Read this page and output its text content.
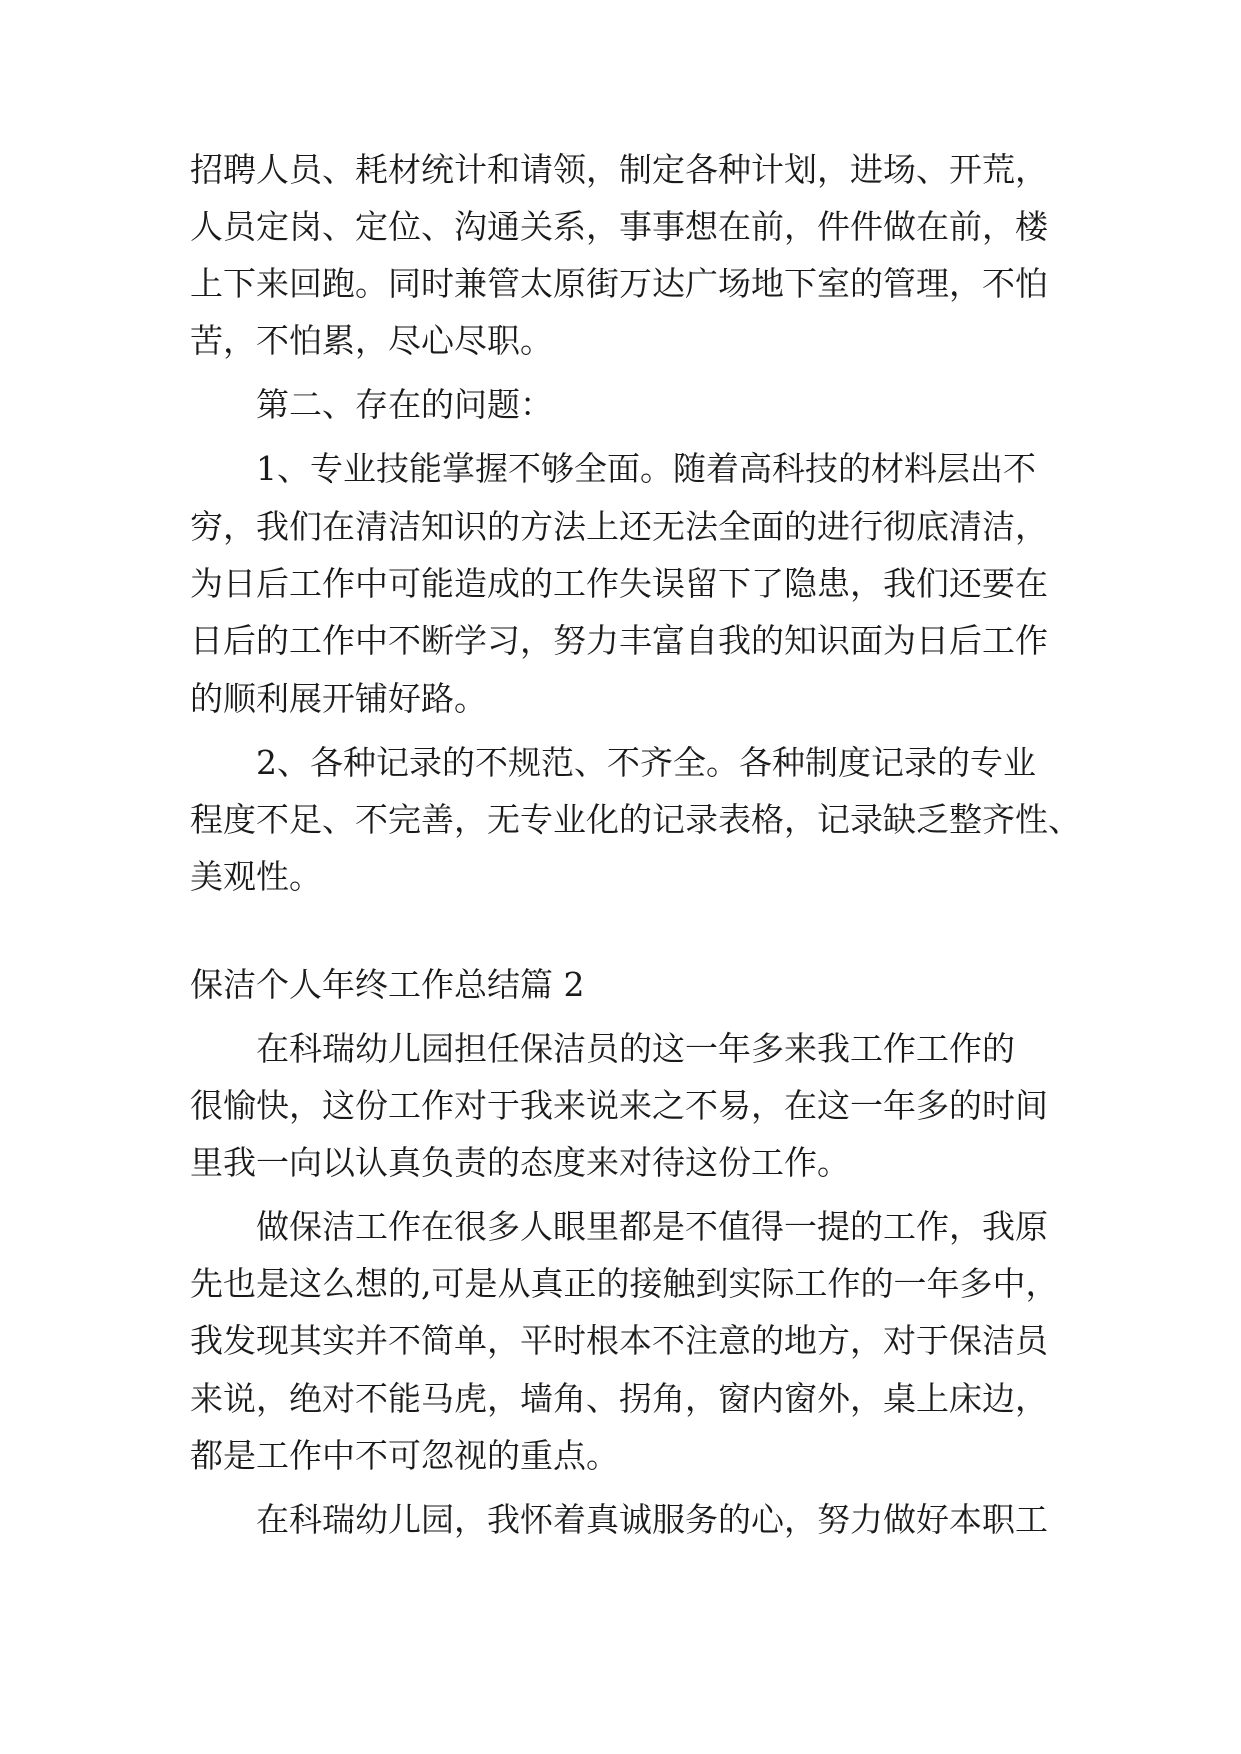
招聘人员、耗材统计和请领，制定各种计划，进场、开荒，

人员定岗、定位、沟通关系，事事想在前，件件做在前，楼

上下来回跑。同时兼管太原街万达广场地下室的管理，不怕

苦，不怕累，尽心尽职。

第二、存在的问题：

1、专业技能掌握不够全面。随着高科技的材料层出不

穷，我们在清洁知识的方法上还无法全面的进行彻底清洁，

为日后工作中可能造成的工作失误留下了隐患，我们还要在

日后的工作中不断学习，努力丰富自我的知识面为日后工作

的顺利展开铺好路。

2、各种记录的不规范、不齐全。各种制度记录的专业

程度不足、不完善，无专业化的记录表格，记录缺乏整齐性、

美观性。

保洁个人年终工作总结篇 2

在科瑞幼儿园担任保洁员的这一年多来我工作工作的

很愉快，这份工作对于我来说来之不易，在这一年多的时间

里我一向以认真负责的态度来对待这份工作。

做保洁工作在很多人眼里都是不值得一提的工作，我原

先也是这么想的,可是从真正的接触到实际工作的一年多中，

我发现其实并不简单，平时根本不注意的地方，对于保洁员

来说，绝对不能马虎，墙角、拐角，窗内窗外，桌上床边，

都是工作中不可忽视的重点。

在科瑞幼儿园，我怀着真诚服务的心，努力做好本职工
